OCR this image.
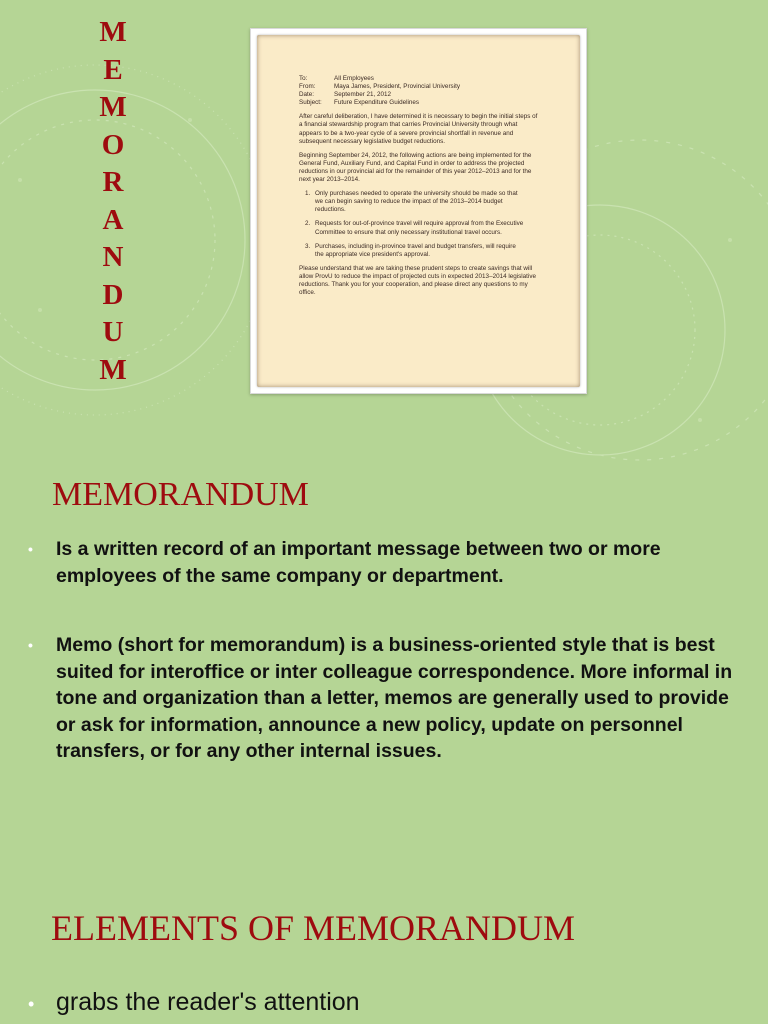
M
E
M
O
R
A
N
D
U
M
To:	All Employees
From:	Maya James, President, Provincial University
Date:	September 21, 2012
Subject:	Future Expenditure Guidelines

After careful deliberation, I have determined it is necessary to begin the initial steps of a financial stewardship program that carries Provincial University through what appears to be a two-year cycle of a severe provincial shortfall in revenue and subsequent necessary legislative budget reductions.

Beginning September 24, 2012, the following actions are being implemented for the General Fund, Auxiliary Fund, and Capital Fund in order to address the projected reductions in our provincial aid for the remainder of this year 2012–2013 and for the next year 2013–2014.

1. Only purchases needed to operate the university should be made so that we can begin saving to reduce the impact of the 2013–2014 budget reductions.
2. Requests for out-of-province travel will require approval from the Executive Committee to ensure that only necessary institutional travel occurs.
3. Purchases, including in-province travel and budget transfers, will require the appropriate vice president's approval.

Please understand that we are taking these prudent steps to create savings that will allow ProvU to reduce the impact of projected cuts in expected 2013–2014 legislative reductions. Thank you for your cooperation, and please direct any questions to my office.

MEMORANDUM
•	Is a written record of an important message between two or more employees of the same company or department.
•	Memo (short for memorandum) is a business-oriented style that is best suited for interoffice or inter colleague correspondence. More informal in tone and organization than a letter, memos are generally used to provide or ask for information, announce a new policy, update on personnel transfers, or for any other internal issues.
ELEMENTS OF MEMORANDUM
• grabs the reader's attention
